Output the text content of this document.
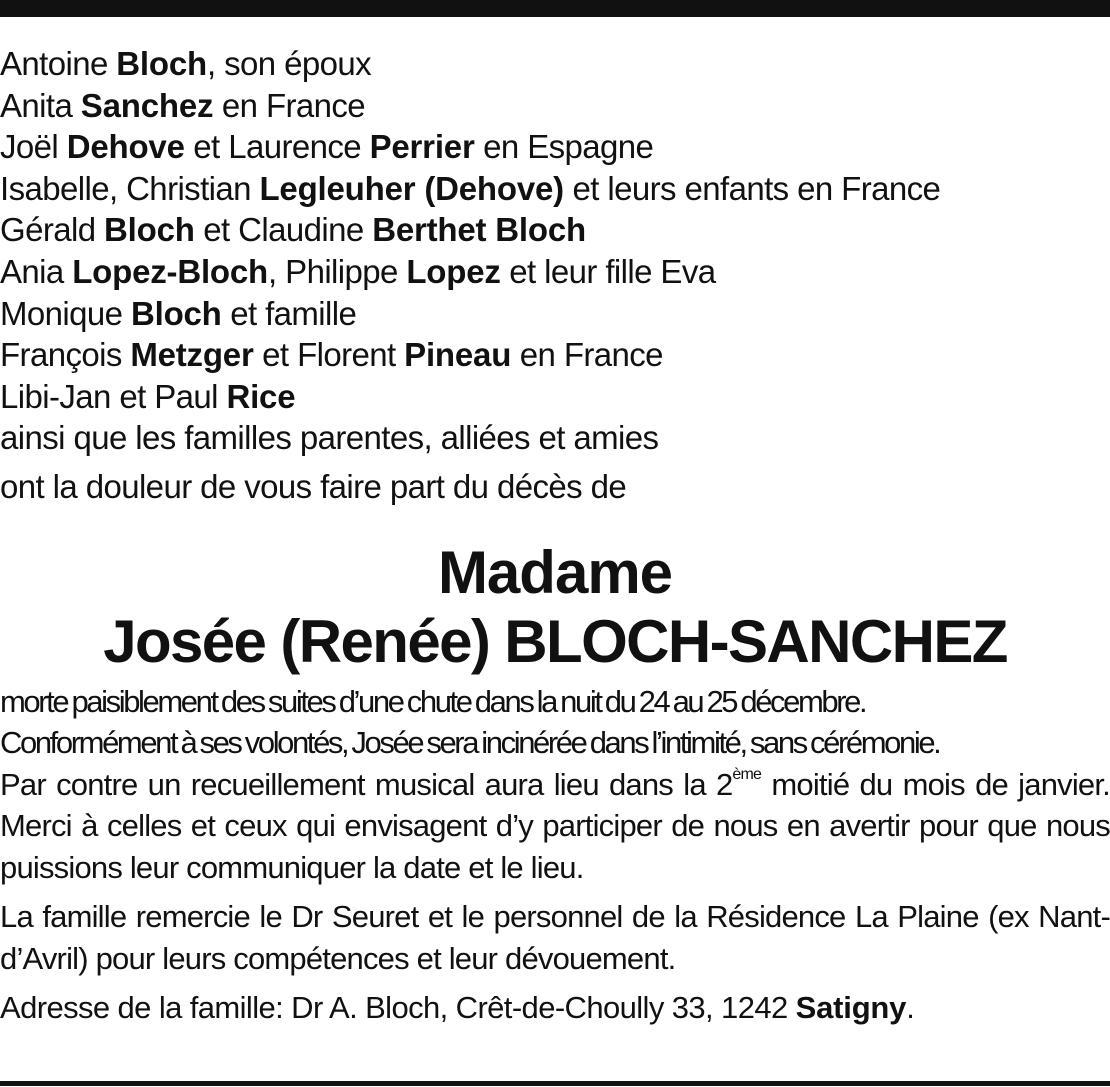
Antoine Bloch, son époux
Anita Sanchez en France
Joël Dehove et Laurence Perrier en Espagne
Isabelle, Christian Legleuher (Dehove) et leurs enfants en France
Gérald Bloch et Claudine Berthet Bloch
Ania Lopez-Bloch, Philippe Lopez et leur fille Eva
Monique Bloch et famille
François Metzger et Florent Pineau en France
Libi-Jan et Paul Rice
ainsi que les familles parentes, alliées et amies
ont la douleur de vous faire part du décès de
Madame
Josée (Renée) BLOCH-SANCHEZ

morte paisiblement des suites d’une chute dans la nuit du 24 au 25 décembre.
Conformément à ses volontés, Josée sera incinérée dans l’intimité, sans cérémonie.
Par contre un recueillement musical aura lieu dans la 2ème moitié du mois de janvier. Merci à celles et ceux qui envisagent d’y participer de nous en avertir pour que nous puissions leur communiquer la date et le lieu.

La famille remercie le Dr Seuret et le personnel de la Résidence La Plaine (ex Nant-d’Avril) pour leurs compétences et leur dévouement.

Adresse de la famille: Dr A. Bloch, Crêt-de-Choully 33, 1242 Satigny.
